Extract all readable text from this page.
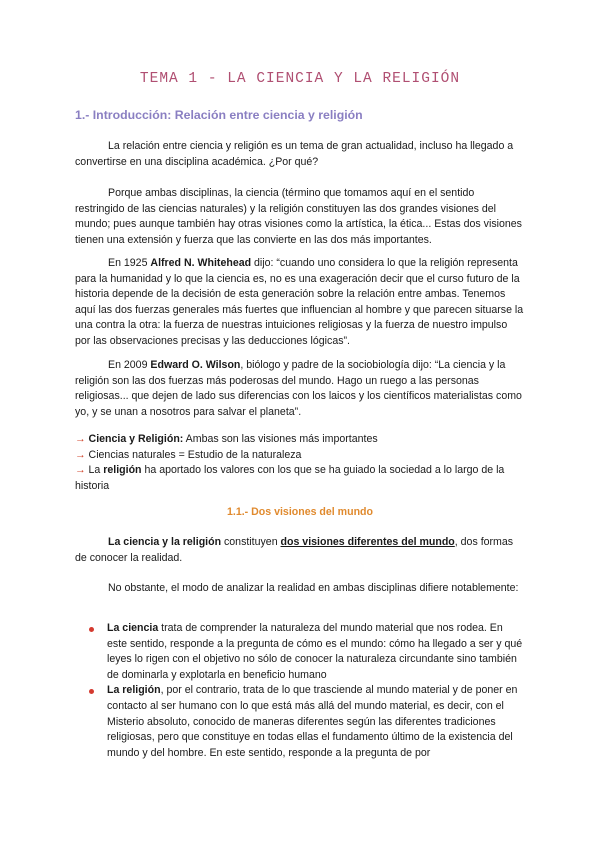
TEMA 1 - LA CIENCIA Y LA RELIGIÓN
1.- Introducción: Relación entre ciencia y religión

La relación entre ciencia y religión es un tema de gran actualidad, incluso ha llegado a convertirse en una disciplina académica. ¿Por qué?

Porque ambas disciplinas, la ciencia (término que tomamos aquí en el sentido restringido de las ciencias naturales) y la religión constituyen las dos grandes visiones del mundo; pues aunque también hay otras visiones como la artística, la ética... Estas dos visiones tienen una extensión y fuerza que las convierte en las dos más importantes.

En 1925 Alfred N. Whitehead dijo: “cuando uno considera lo que la religión representa para la humanidad y lo que la ciencia es, no es una exageración decir que el curso futuro de la historia depende de la decisión de esta generación sobre la relación entre ambas. Tenemos aquí las dos fuerzas generales más fuertes que influencian al hombre y que parecen situarse la una contra la otra: la fuerza de nuestras intuiciones religiosas y la fuerza de nuestro impulso por las observaciones precisas y las deducciones lógicas”.

En 2009 Edward O. Wilson, biólogo y padre de la sociobiología dijo: “La ciencia y la religión son las dos fuerzas más poderosas del mundo. Hago un ruego a las personas religiosas... que dejen de lado sus diferencias con los laicos y los científicos materialistas como yo, y se unan a nosotros para salvar el planeta”.

→ Ciencia y Religión: Ambas son las visiones más importantes
→ Ciencias naturales = Estudio de la naturaleza
→ La religión ha aportado los valores con los que se ha guiado la sociedad a lo largo de la historia
1.1.- Dos visiones del mundo

La ciencia y la religión constituyen dos visiones diferentes del mundo, dos formas de conocer la realidad.

No obstante, el modo de analizar la realidad en ambas disciplinas difiere notablemente:

La ciencia trata de comprender la naturaleza del mundo material que nos rodea. En este sentido, responde a la pregunta de cómo es el mundo: cómo ha llegado a ser y qué leyes lo rigen con el objetivo no sólo de conocer la naturaleza circundante sino también de dominarla y explotarla en beneficio humano
La religión, por el contrario, trata de lo que trasciende al mundo material y de poner en contacto al ser humano con lo que está más allá del mundo material, es decir, con el Misterio absoluto, conocido de maneras diferentes según las diferentes tradiciones religiosas, pero que constituye en todas ellas el fundamento último de la existencia del mundo y del hombre. En este sentido, responde a la pregunta de por
